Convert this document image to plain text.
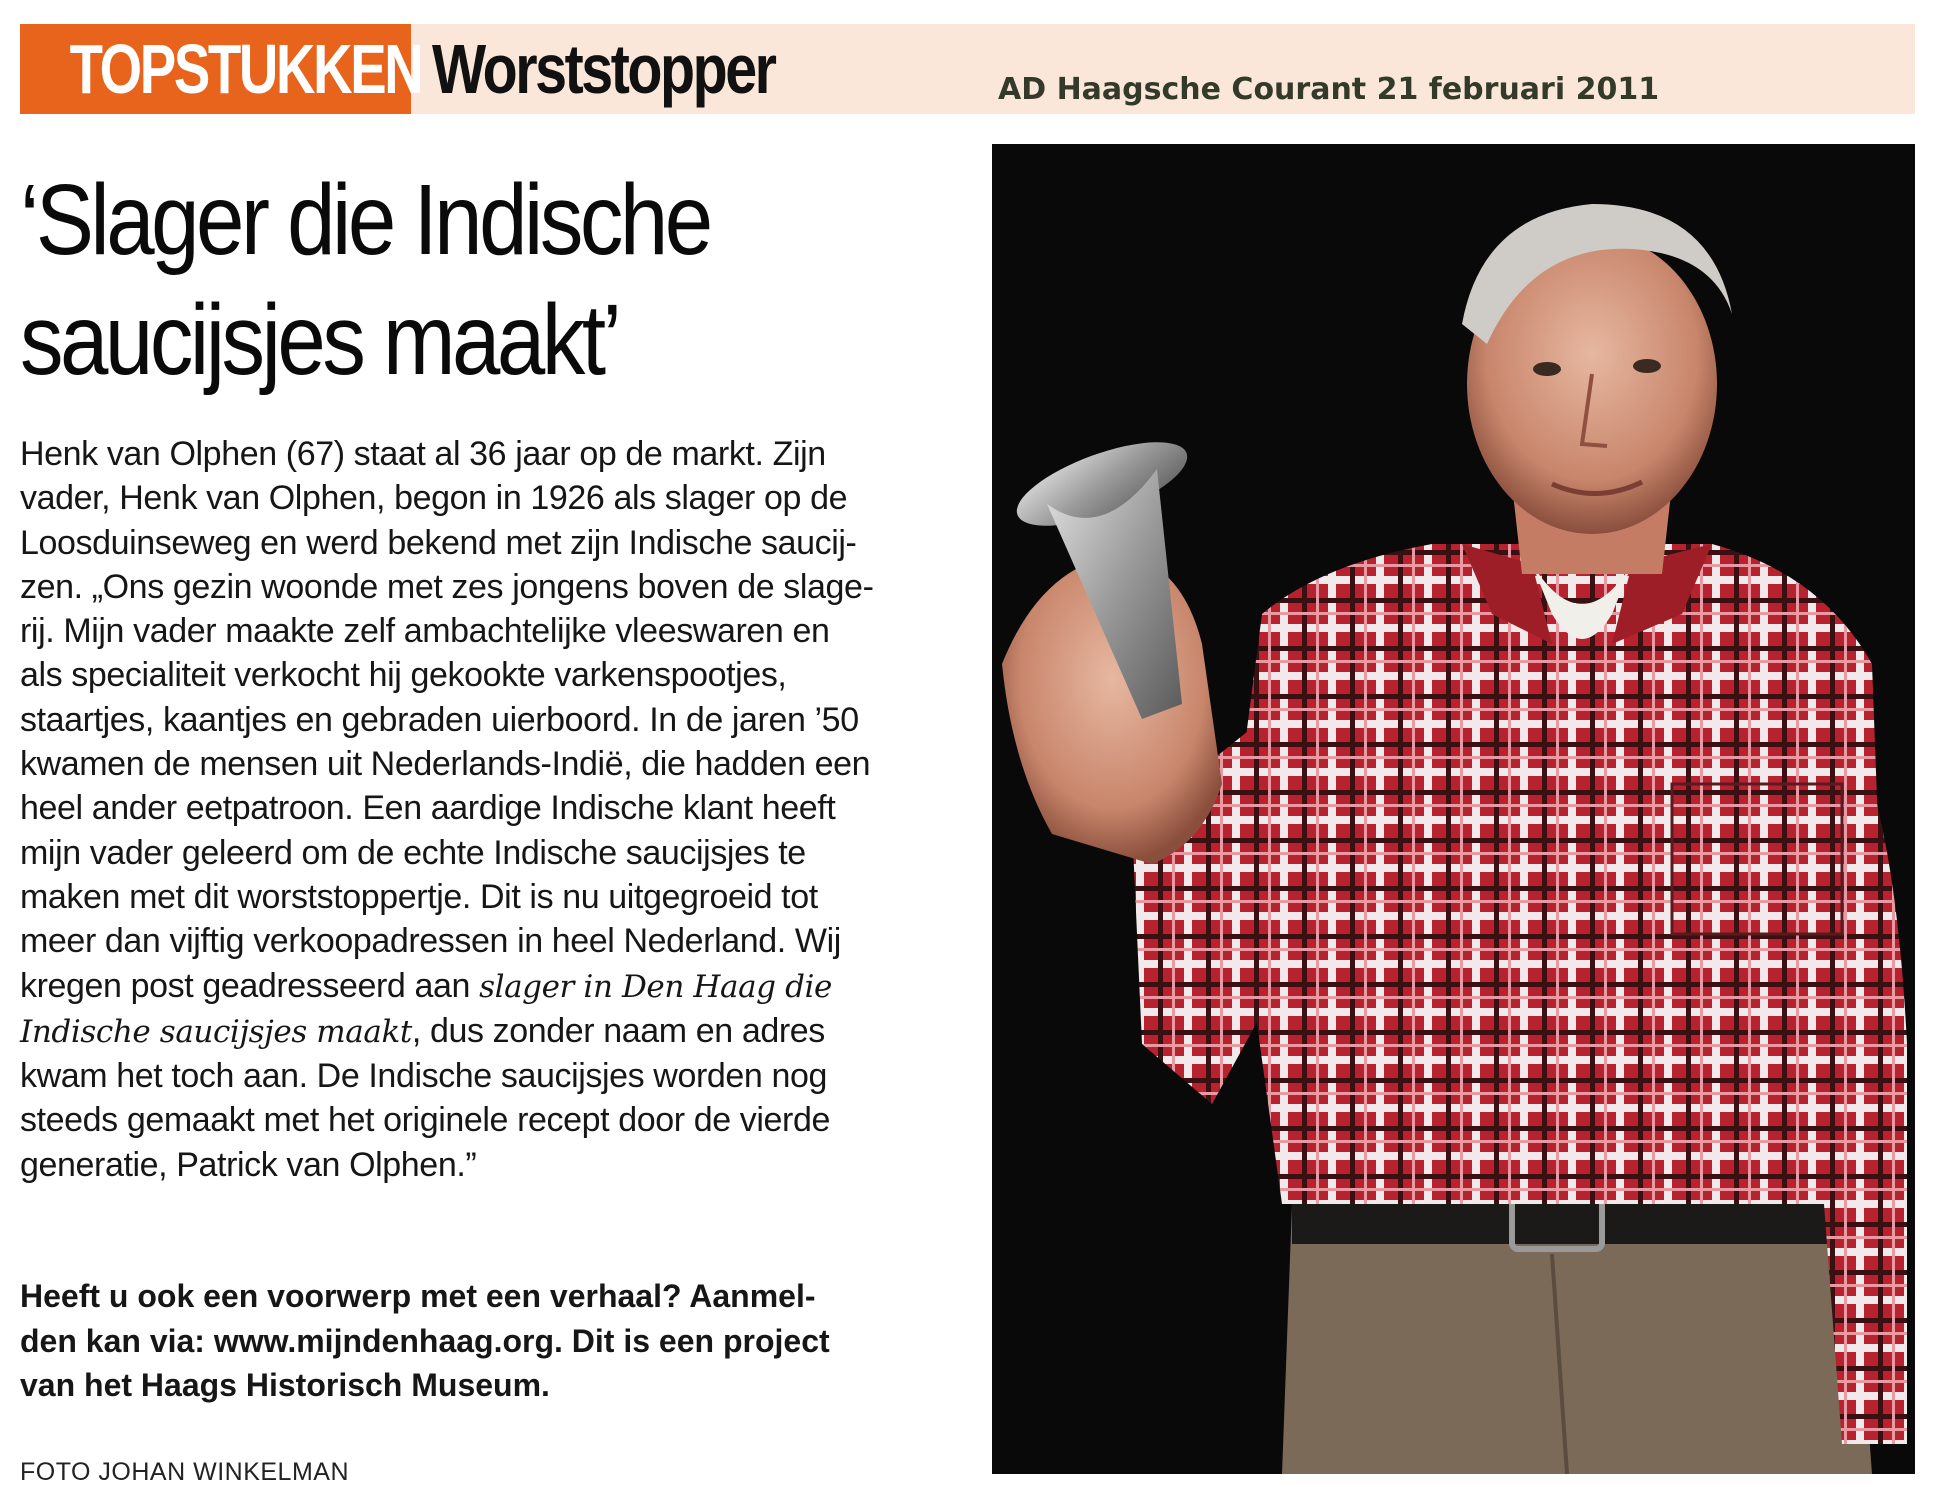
TOPSTUKKEN Worststopper	AD Haagsche Courant 21 februari 2011
‘Slager die Indische
saucijsjes maakt’
Henk van Olphen (67) staat al 36 jaar op de markt. Zijn
vader, Henk van Olphen, begon in 1926 als slager op de
Loosduinseweg en werd bekend met zijn Indische saucij-
zen. „Ons gezin woonde met zes jongens boven de slage-
rij. Mijn vader maakte zelf ambachtelijke vleeswaren en
als specialiteit verkocht hij gekookte varkenspootjes,
staartjes, kaantjes en gebraden uierboord. In de jaren ’50
kwamen de mensen uit Nederlands-Indië, die hadden een
heel ander eetpatroon. Een aardige Indische klant heeft
mijn vader geleerd om de echte Indische saucijsjes te
maken met dit worststoppertje. Dit is nu uitgegroeid tot
meer dan vijftig verkoopadressen in heel Nederland. Wij
kregen post geadresseerd aan slager in Den Haag die
Indische saucijsjes maakt, dus zonder naam en adres
kwam het toch aan. De Indische saucijsjes worden nog
steeds gemaakt met het originele recept door de vierde
generatie, Patrick van Olphen.”
Heeft u ook een voorwerp met een verhaal? Aanmel-
den kan via: www.mijndenhaag.org. Dit is een project
van het Haags Historisch Museum.
FOTO JOHAN WINKELMAN
